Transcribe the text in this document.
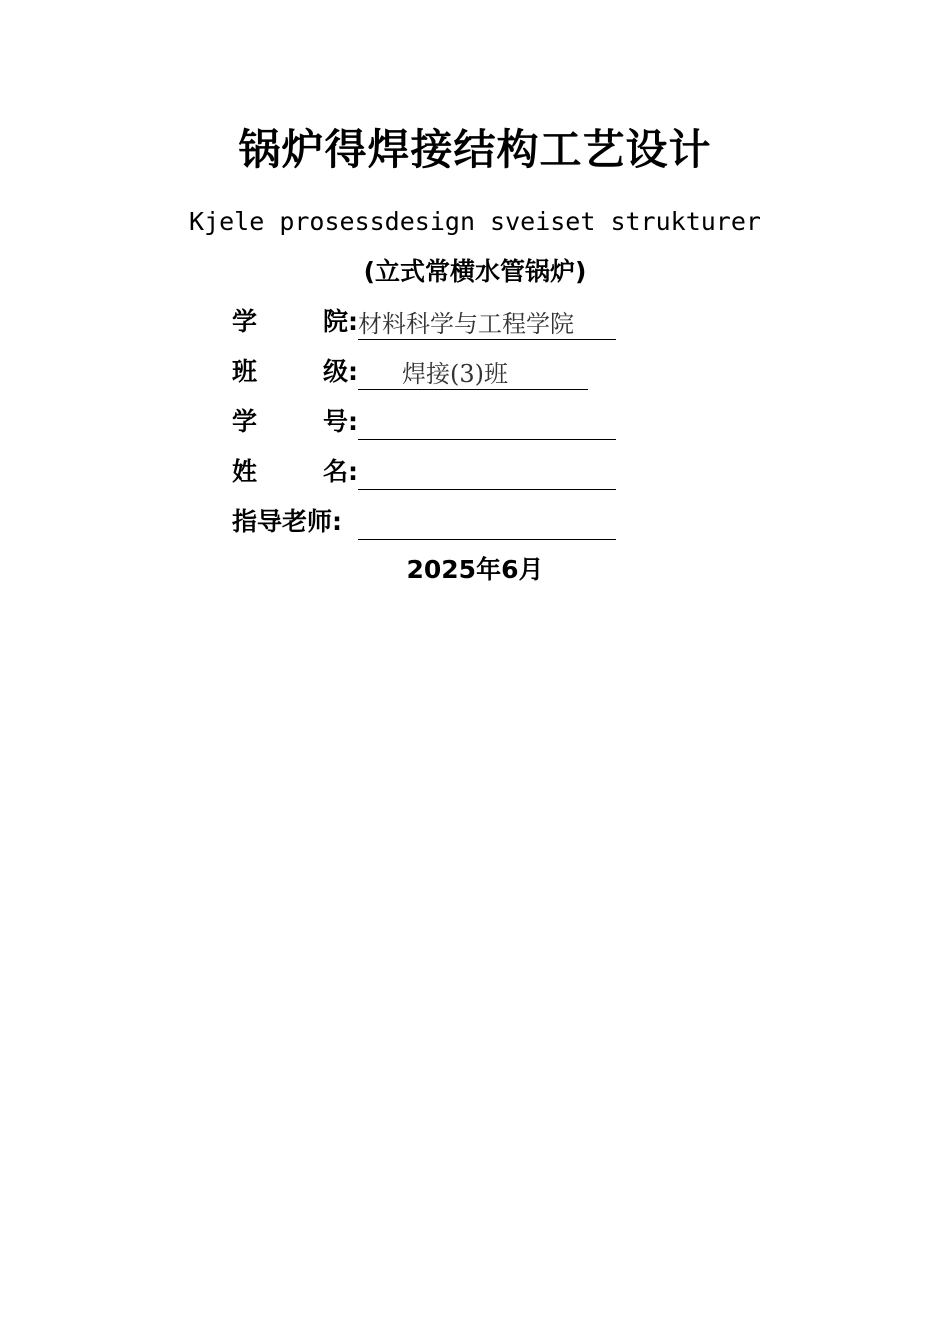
锅炉得焊接结构工艺设计
Kjele prosessdesign sveiset strukturer
(立式常横水管锅炉)
学	院: 材料科学与工程学院
班	级:	焊接(3)班
学	号:
姓	名:
指导老师:
2025年6月
